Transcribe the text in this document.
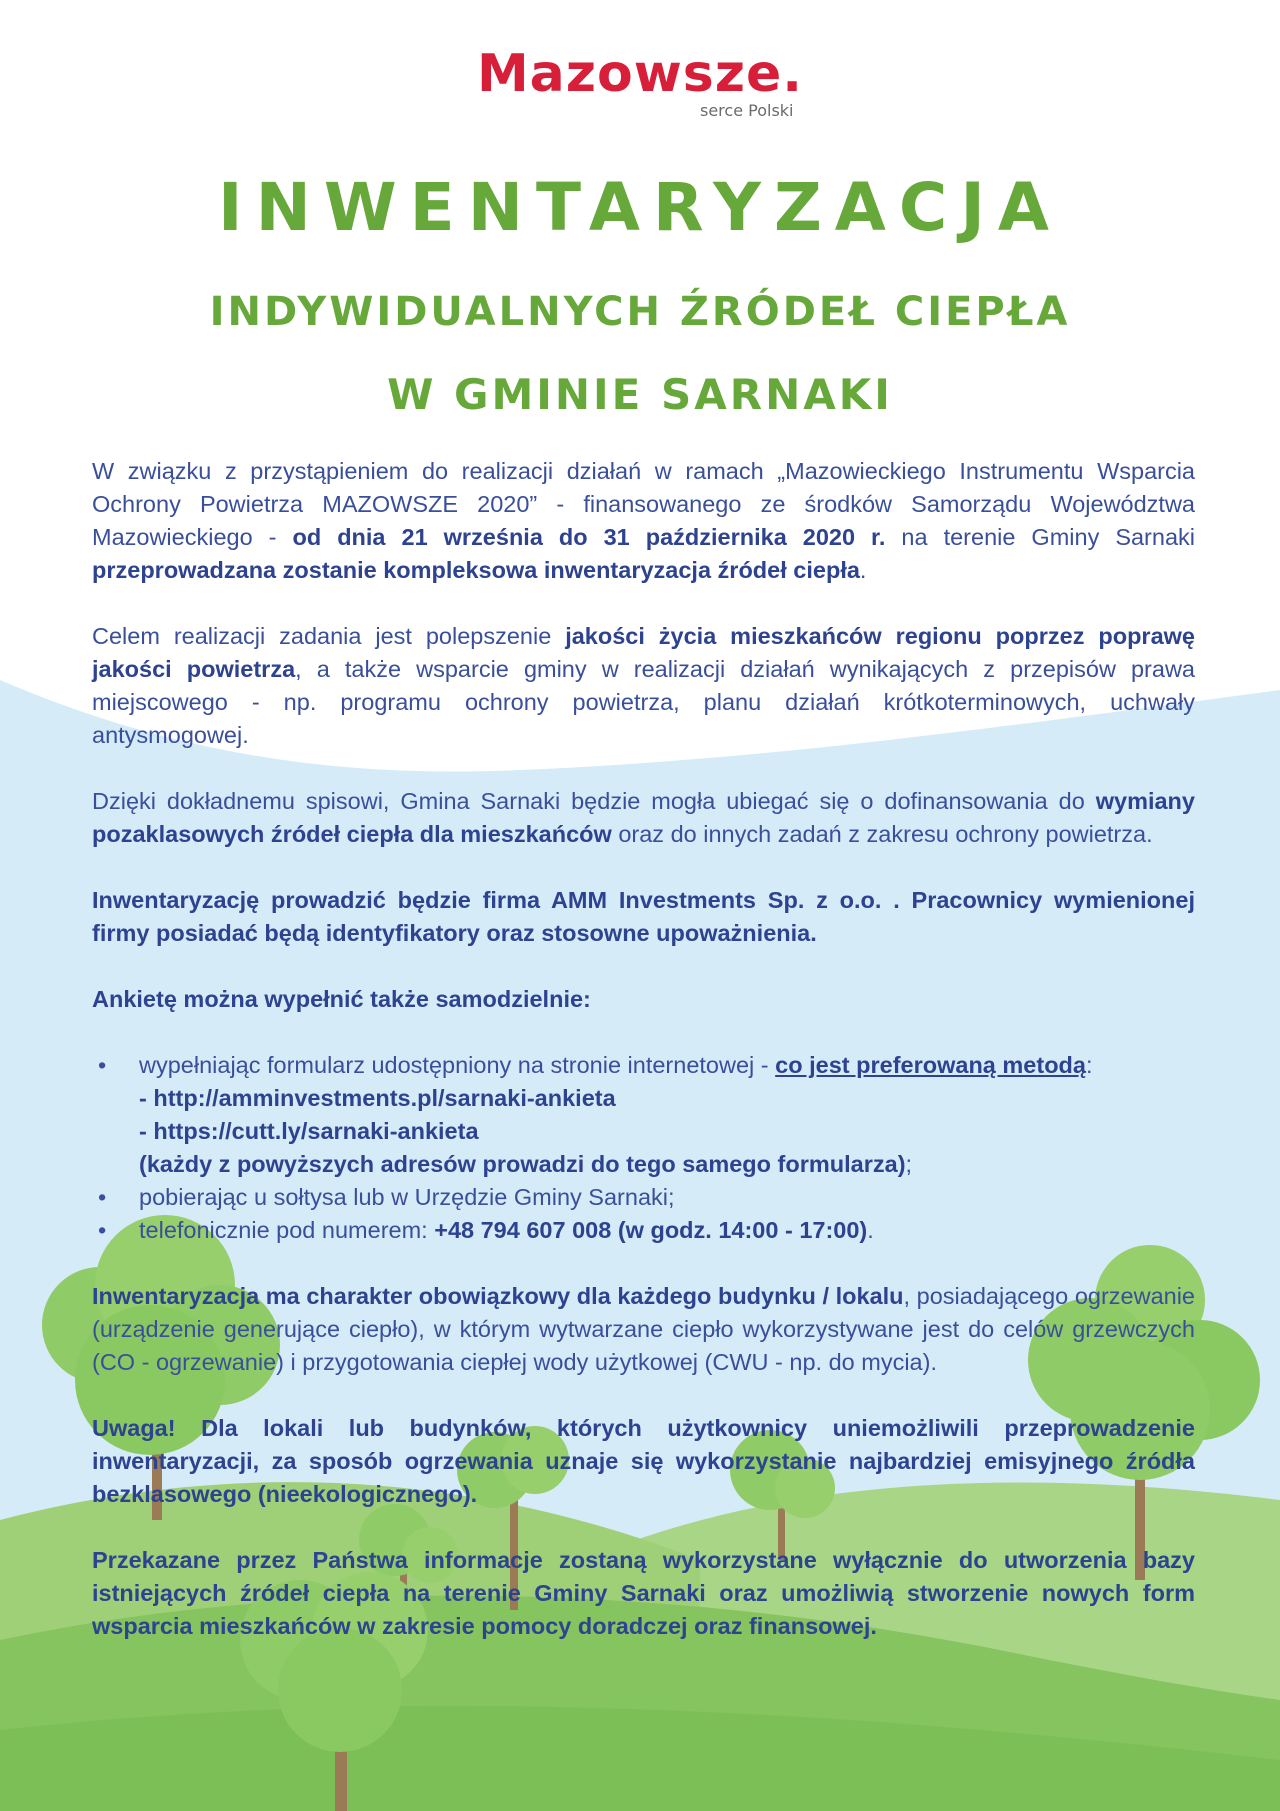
Mazowsze.
serce Polski
INWENTARYZACJA
INDYWIDUALNYCH ŹRÓDEŁ CIEPŁA
W GMINIE SARNAKI

W związku z przystąpieniem do realizacji działań w ramach „Mazowieckiego Instrumentu Wsparcia Ochrony Powietrza MAZOWSZE 2020” - finansowanego ze środków Samorządu Województwa Mazowieckiego - od dnia 21 września do 31 października 2020 r. na terenie Gminy Sarnaki przeprowadzana zostanie kompleksowa inwentaryzacja źródeł ciepła.

Celem realizacji zadania jest polepszenie jakości życia mieszkańców regionu poprzez poprawę jakości powietrza, a także wsparcie gminy w realizacji działań wynikających z przepisów prawa miejscowego - np. programu ochrony powietrza, planu działań krótkoterminowych, uchwały antysmogowej.

Dzięki dokładnemu spisowi, Gmina Sarnaki będzie mogła ubiegać się o dofinansowania do wymiany pozaklasowych źródeł ciepła dla mieszkańców oraz do innych zadań z zakresu ochrony powietrza.

Inwentaryzację prowadzić będzie firma AMM Investments Sp. z o.o. . Pracownicy wymienionej firmy posiadać będą identyfikatory oraz stosowne upoważnienia.

Ankietę można wypełnić także samodzielnie:

• wypełniając formularz udostępniony na stronie internetowej - co jest preferowaną metodą:
- http://amminvestments.pl/sarnaki-ankieta
- https://cutt.ly/sarnaki-ankieta
(każdy z powyższych adresów prowadzi do tego samego formularza);
• pobierając u sołtysa lub w Urzędzie Gminy Sarnaki;
• telefonicznie pod numerem: +48 794 607 008 (w godz. 14:00 - 17:00).

Inwentaryzacja ma charakter obowiązkowy dla każdego budynku / lokalu, posiadającego ogrzewanie (urządzenie generujące ciepło), w którym wytwarzane ciepło wykorzystywane jest do celów grzewczych (CO - ogrzewanie) i przygotowania ciepłej wody użytkowej (CWU - np. do mycia).

Uwaga! Dla lokali lub budynków, których użytkownicy uniemożliwili przeprowadzenie inwentaryzacji, za sposób ogrzewania uznaje się wykorzystanie najbardziej emisyjnego źródła bezklasowego (nieekologicznego).

Przekazane przez Państwa informacje zostaną wykorzystane wyłącznie do utworzenia bazy istniejących źródeł ciepła na terenie Gminy Sarnaki oraz umożliwią stworzenie nowych form wsparcia mieszkańców w zakresie pomocy doradczej oraz finansowej.
